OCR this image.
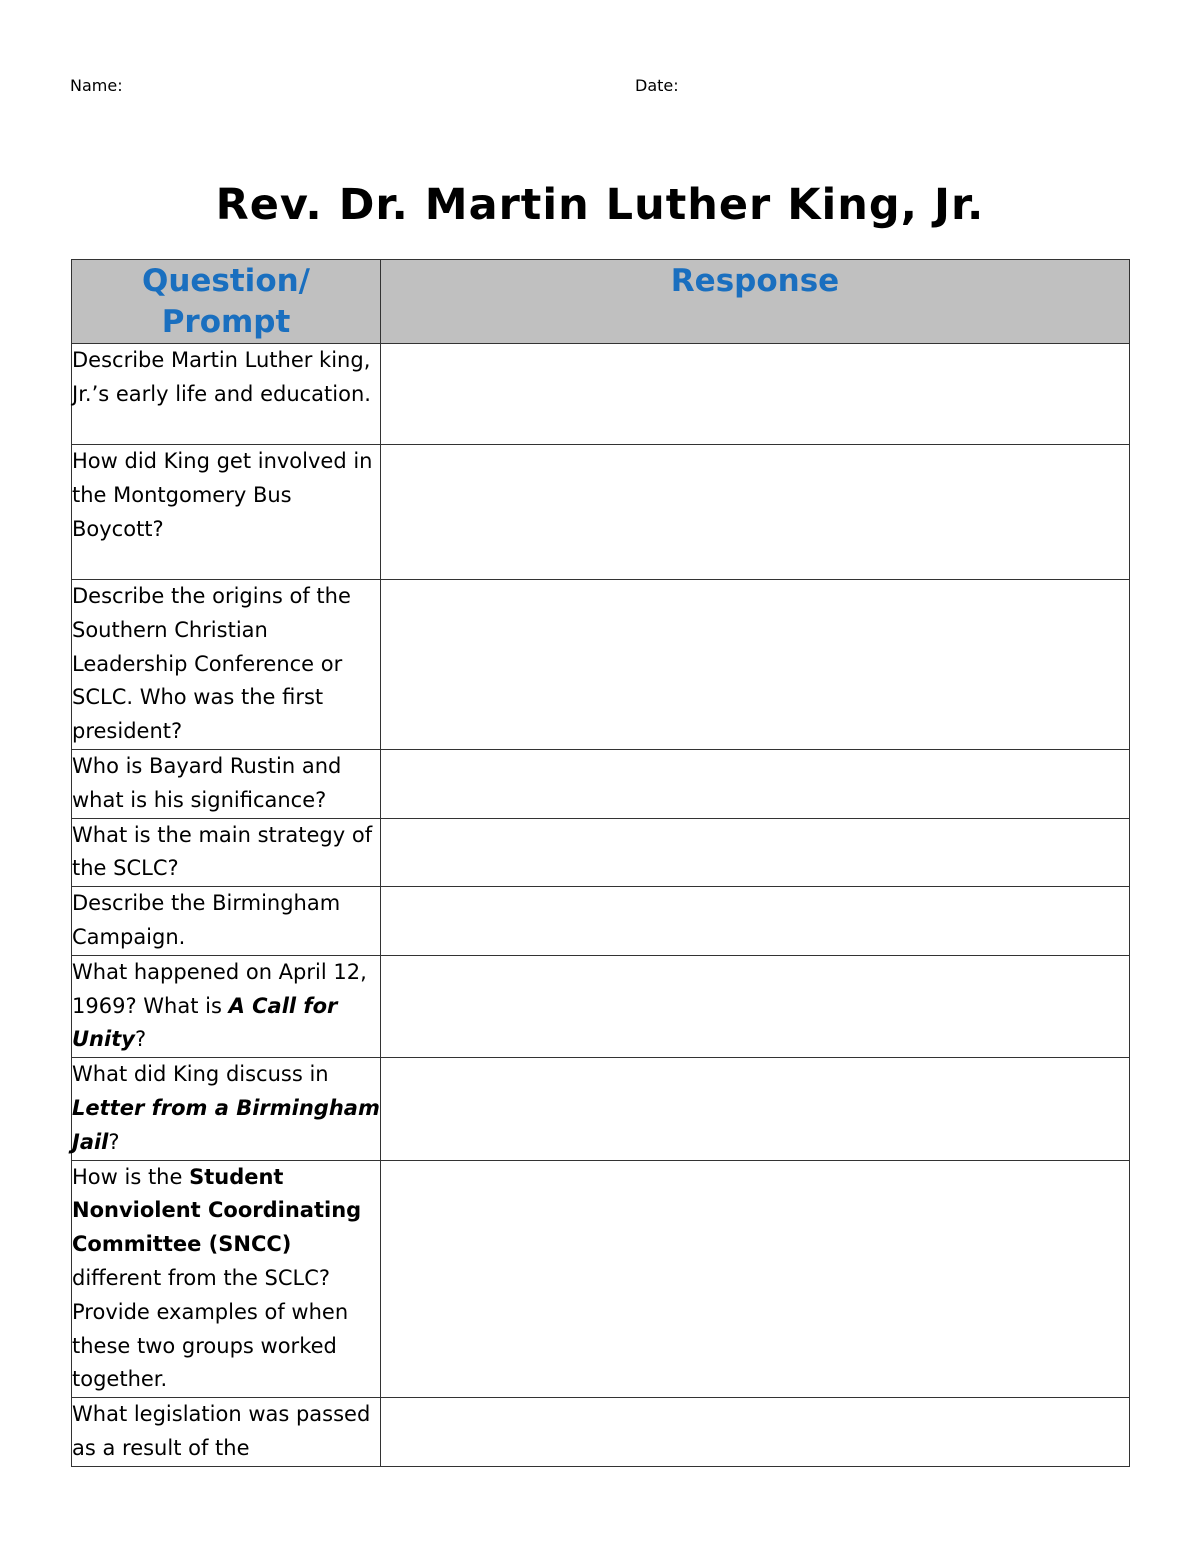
Name:	Date:
Rev. Dr. Martin Luther King, Jr.
Question/ Prompt	Response
Describe Martin Luther king, Jr.’s early life and education.	
How did King get involved in the Montgomery Bus Boycott?	
Describe the origins of the Southern Christian Leadership Conference or SCLC. Who was the first president?	
Who is Bayard Rustin and what is his significance?	
What is the main strategy of the SCLC?	
Describe the Birmingham Campaign.	
What happened on April 12, 1969? What is A Call for Unity?	
What did King discuss in Letter from a Birmingham Jail?	
How is the Student Nonviolent Coordinating Committee (SNCC) different from the SCLC? Provide examples of when these two groups worked together.	
What legislation was passed as a result of the	
